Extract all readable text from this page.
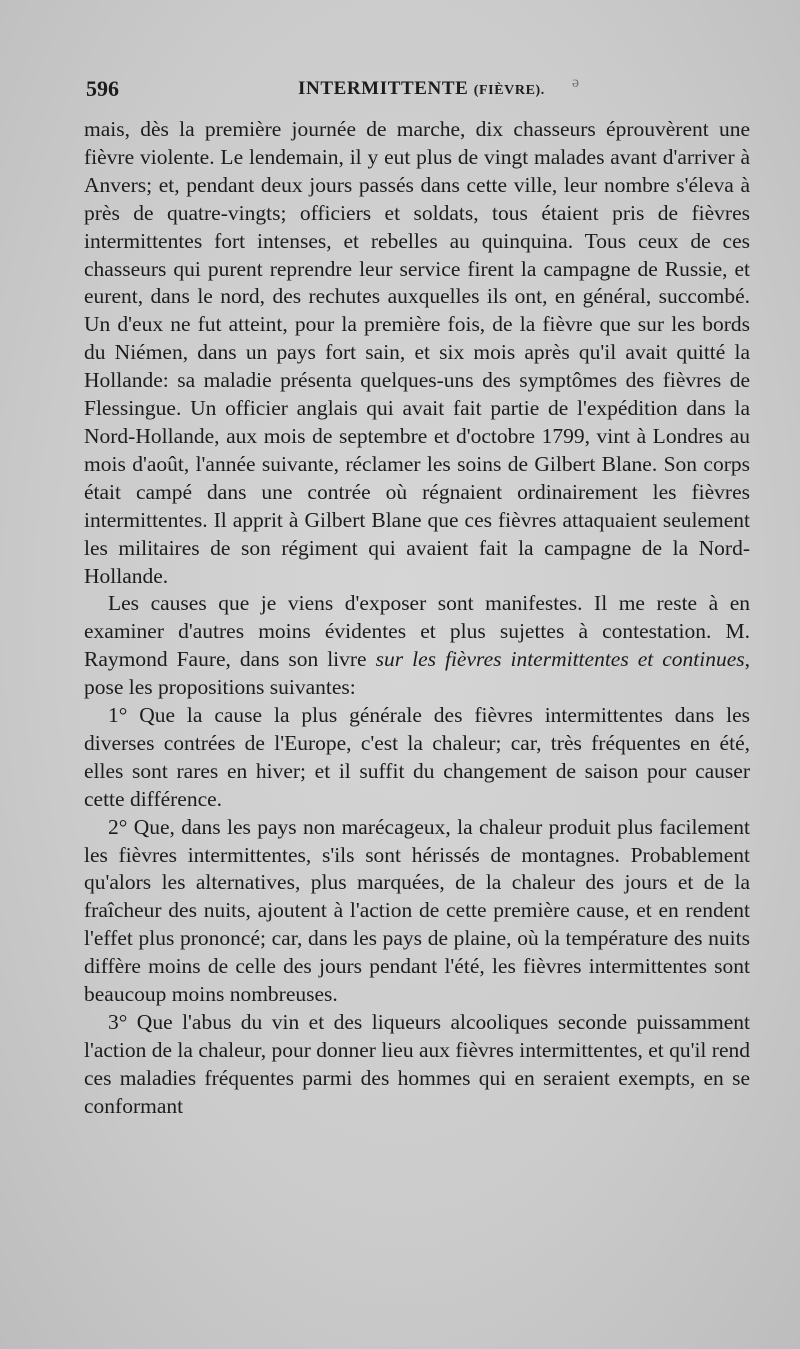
596	INTERMITTENTE (FIÈVRE). ə

mais, dès la première journée de marche, dix chasseurs éprouvèrent une fièvre violente. Le lendemain, il y eut plus de vingt malades avant d'arriver à Anvers; et, pendant deux jours passés dans cette ville, leur nombre s'éleva à près de quatre-vingts; officiers et soldats, tous étaient pris de fièvres intermittentes fort intenses, et rebelles au quinquina. Tous ceux de ces chasseurs qui purent reprendre leur service firent la campagne de Russie, et eurent, dans le nord, des rechutes auxquelles ils ont, en général, succombé. Un d'eux ne fut atteint, pour la première fois, de la fièvre que sur les bords du Niémen, dans un pays fort sain, et six mois après qu'il avait quitté la Hollande: sa maladie présenta quelques-uns des symptômes des fièvres de Flessingue. Un officier anglais qui avait fait partie de l'expédition dans la Nord-Hollande, aux mois de septembre et d'octobre 1799, vint à Londres au mois d'août, l'année suivante, réclamer les soins de Gilbert Blane. Son corps était campé dans une contrée où régnaient ordinairement les fièvres intermittentes. Il apprit à Gilbert Blane que ces fièvres attaquaient seulement les militaires de son régiment qui avaient fait la campagne de la Nord-Hollande.

Les causes que je viens d'exposer sont manifestes. Il me reste à en examiner d'autres moins évidentes et plus sujettes à contestation. M. Raymond Faure, dans son livre sur les fièvres intermittentes et continues, pose les propositions suivantes:

1° Que la cause la plus générale des fièvres intermittentes dans les diverses contrées de l'Europe, c'est la chaleur; car, très fréquentes en été, elles sont rares en hiver; et il suffit du changement de saison pour causer cette différence.

2° Que, dans les pays non marécageux, la chaleur produit plus facilement les fièvres intermittentes, s'ils sont hérissés de montagnes. Probablement qu'alors les alternatives, plus marquées, de la chaleur des jours et de la fraîcheur des nuits, ajoutent à l'action de cette première cause, et en rendent l'effet plus prononcé; car, dans les pays de plaine, où la température des nuits diffère moins de celle des jours pendant l'été, les fièvres intermittentes sont beaucoup moins nombreuses.

3° Que l'abus du vin et des liqueurs alcooliques seconde puissamment l'action de la chaleur, pour donner lieu aux fièvres intermittentes, et qu'il rend ces maladies fréquentes parmi des hommes qui en seraient exempts, en se conformant
